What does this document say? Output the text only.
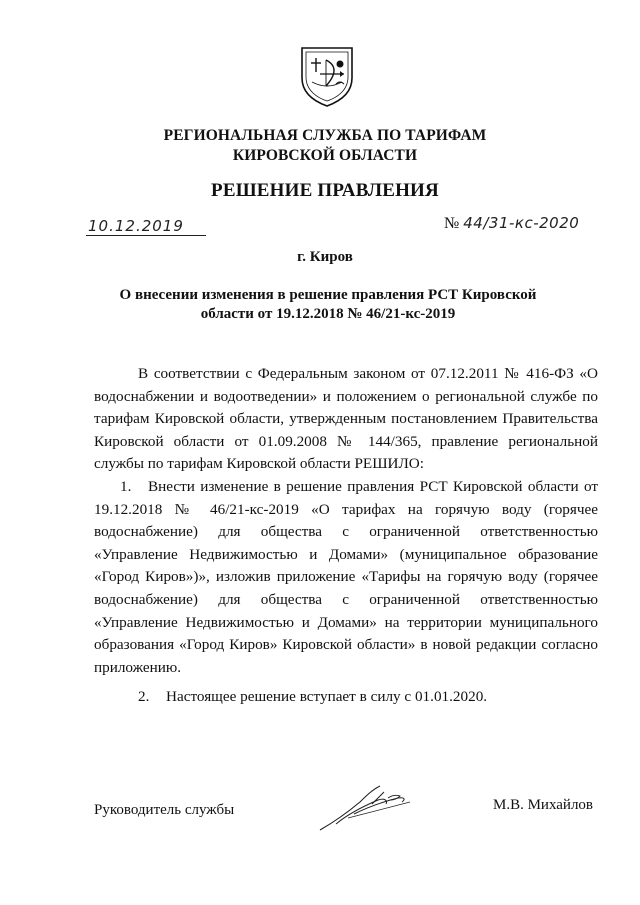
РЕГИОНАЛЬНАЯ СЛУЖБА ПО ТАРИФАМ
КИРОВСКОЙ ОБЛАСТИ
РЕШЕНИЕ ПРАВЛЕНИЯ
10.12.2019	№ 44/31-кс-2020
г. Киров
О внесении изменения в решение правления РСТ Кировской
области от 19.12.2018 № 46/21-кс-2019

В соответствии с Федеральным законом от 07.12.2011 № 416-ФЗ «О водоснабжении и водоотведении» и положением о региональной службе по тарифам Кировской области, утвержденным постановлением Правительства Кировской области от 01.09.2008 № 144/365, правление региональной службы по тарифам Кировской области РЕШИЛО:

1. Внести изменение в решение правления РСТ Кировской области от 19.12.2018 № 46/21-кс-2019 «О тарифах на горячую воду (горячее водоснабжение) для общества с ограниченной ответственностью «Управление Недвижимостью и Домами» (муниципальное образование «Город Киров»)», изложив приложение «Тарифы на горячую воду (горячее водоснабжение) для общества с ограниченной ответственностью «Управление Недвижимостью и Домами» на территории муниципального образования «Город Киров» Кировской области» в новой редакции согласно приложению.

2. Настоящее решение вступает в силу с 01.01.2020.

Руководитель службы	М.В. Михайлов
